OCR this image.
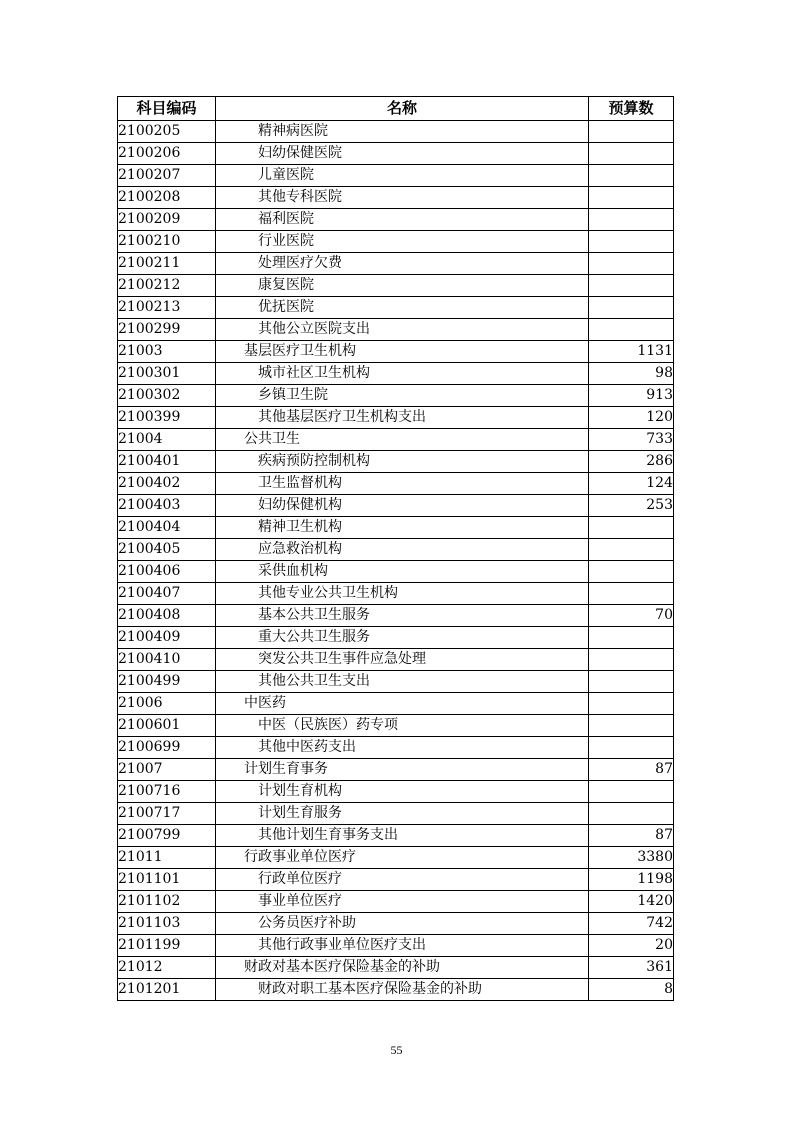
科目编码	名称	预算数
2100205	精神病医院	
2100206	妇幼保健医院	
2100207	儿童医院	
2100208	其他专科医院	
2100209	福利医院	
2100210	行业医院	
2100211	处理医疗欠费	
2100212	康复医院	
2100213	优抚医院	
2100299	其他公立医院支出	
21003	基层医疗卫生机构	1131
2100301	城市社区卫生机构	98
2100302	乡镇卫生院	913
2100399	其他基层医疗卫生机构支出	120
21004	公共卫生	733
2100401	疾病预防控制机构	286
2100402	卫生监督机构	124
2100403	妇幼保健机构	253
2100404	精神卫生机构	
2100405	应急救治机构	
2100406	采供血机构	
2100407	其他专业公共卫生机构	
2100408	基本公共卫生服务	70
2100409	重大公共卫生服务	
2100410	突发公共卫生事件应急处理	
2100499	其他公共卫生支出	
21006	中医药	
2100601	中医（民族医）药专项	
2100699	其他中医药支出	
21007	计划生育事务	87
2100716	计划生育机构	
2100717	计划生育服务	
2100799	其他计划生育事务支出	87
21011	行政事业单位医疗	3380
2101101	行政单位医疗	1198
2101102	事业单位医疗	1420
2101103	公务员医疗补助	742
2101199	其他行政事业单位医疗支出	20
21012	财政对基本医疗保险基金的补助	361
2101201	财政对职工基本医疗保险基金的补助	8
55
